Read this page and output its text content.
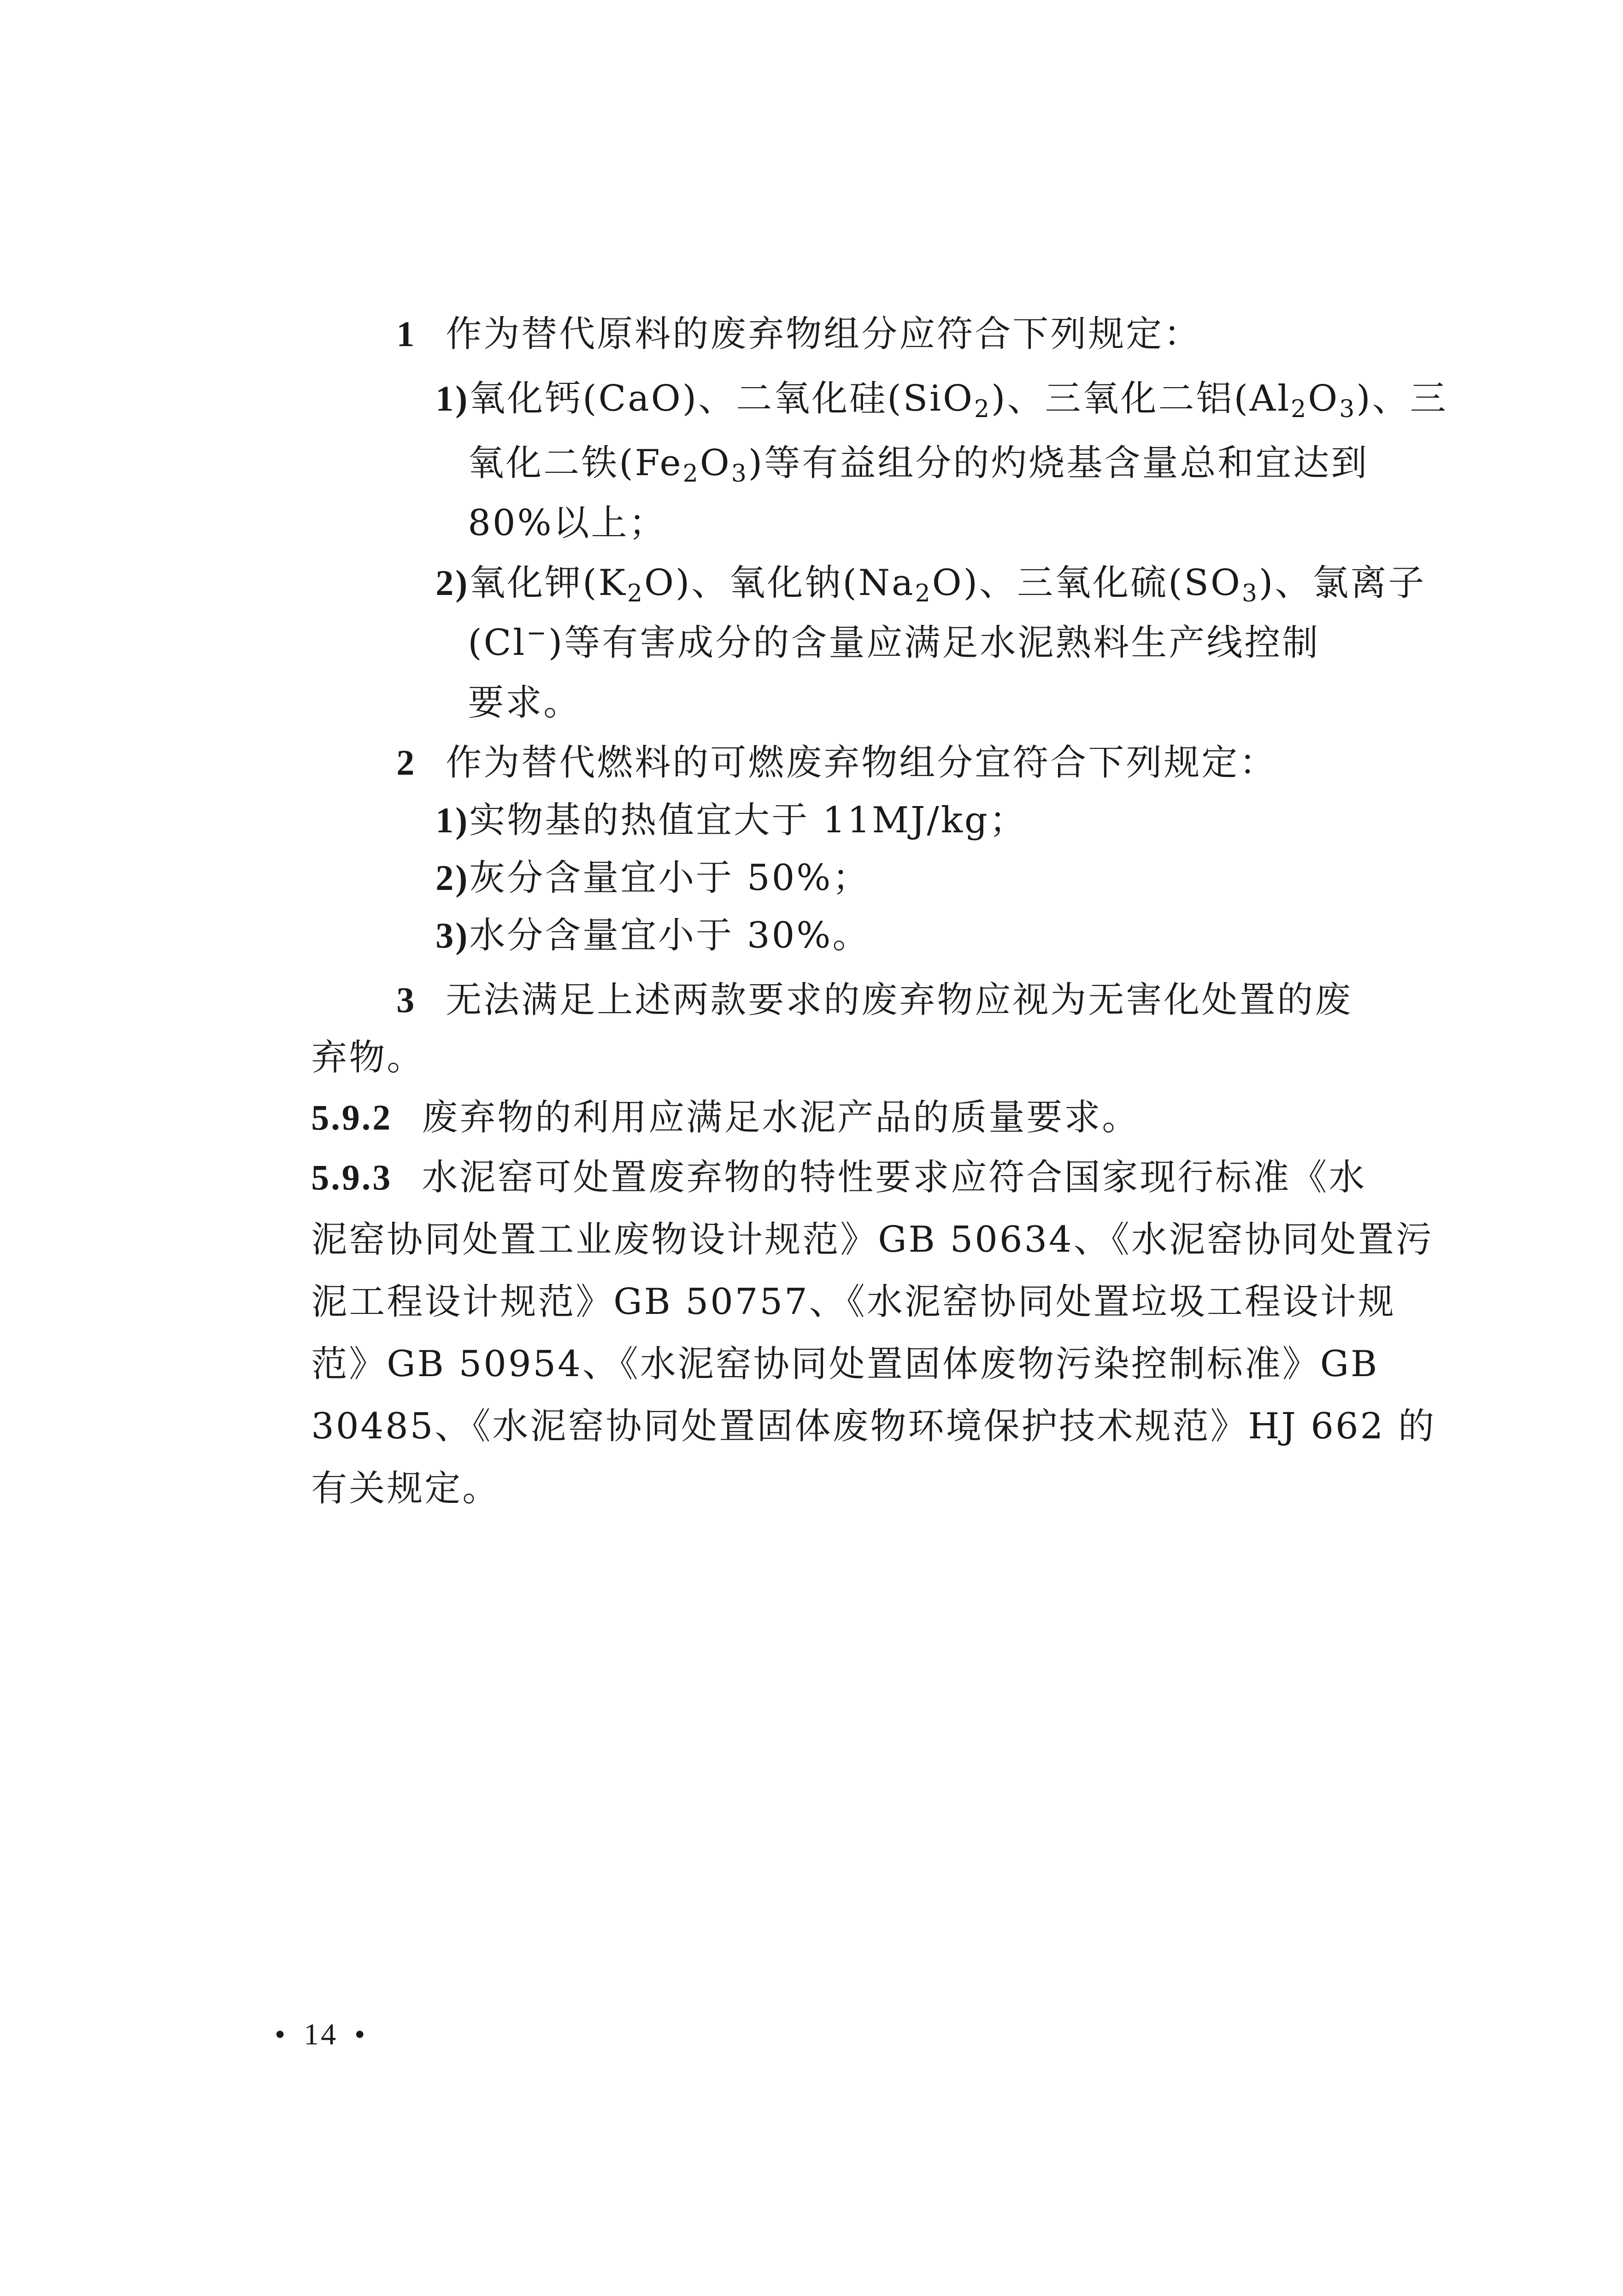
1 作为替代原料的废弃物组分应符合下列规定：

1)氧化钙(CaO)、二氧化硅(SiO$_2$)、三氧化二铝$(Al_2O_3)$、三

氧化二铁$(Fe_2O_3)$等有益组分的灼烧基含量总和宜达到

80%以上；

2)氧化钾$(K_2O)$、氧化钠$(Na_2O)$、三氧化硫$(SO_3)$、氯离子

(Cl−)等有害成分的含量应满足水泥熟料生产线控制

要求。

2 作为替代燃料的可燃废弃物组分宜符合下列规定：

1)实物基的热值宜大于 11MJ/kg；

2)灰分含量宜小于 50%；

3)水分含量宜小于 30%。

3 无法满足上述两款要求的废弃物应视为无害化处置的废

弃物。

5.9.2 废弃物的利用应满足水泥产品的质量要求。

5.9.3 水泥窑可处置废弃物的特性要求应符合国家现行标准《水

泥窑协同处置工业废物设计规范》GB 50634、《水泥窑协同处置污

泥工程设计规范》GB 50757、《水泥窑协同处置垃圾工程设计规

范》GB 50954、《水泥窑协同处置固体废物污染控制标准》GB

30485、《水泥窑协同处置固体废物环境保护技术规范》HJ 662 的

有关规定。

• 14 •
